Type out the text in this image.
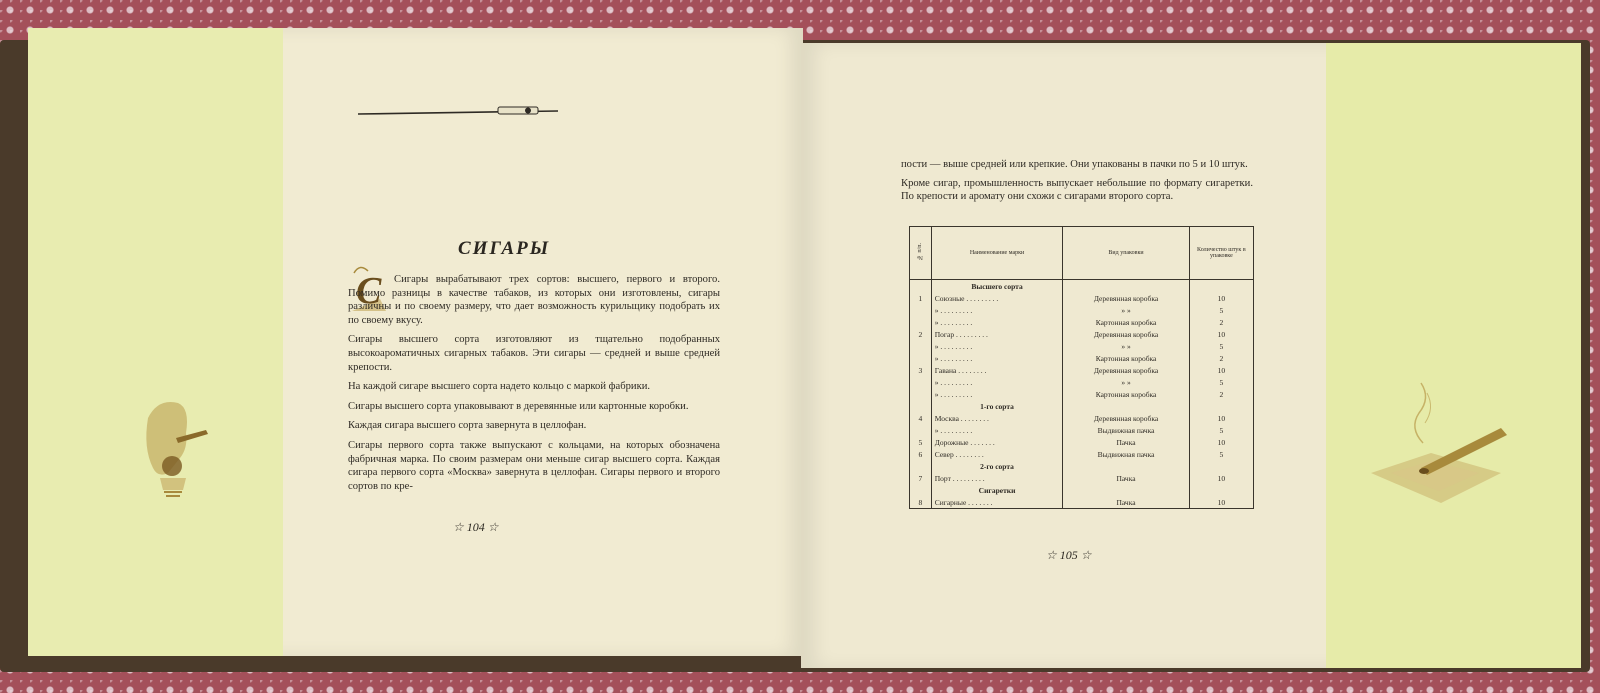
СИГАРЫ
С	Сигары вырабатывают трех сортов: высшего, первого и второго. Помимо разницы в качестве табаков, из которых они изготовлены, сигары различны и по своему размеру, что дает возможность курильщику подобрать их по своему вкусу.

Сигары высшего сорта изготовляют из тщательно подобранных высокоароматичных сигарных табаков. Эти сигары — средней и выше средней крепости.

На каждой сигаре высшего сорта надето кольцо с маркой фабрики.

Сигары высшего сорта упаковывают в деревянные или картонные коробки.

Каждая сигара высшего сорта завернута в целлофан.

Сигары первого сорта также выпускают с кольцами, на которых обозначена фабричная марка. По своим размерам они меньше сигар высшего сорта. Каждая сигара первого сорта «Москва» завернута в целлофан. Сигары первого и второго сортов по кре-

☆ 104 ☆

пости — выше средней или крепкие. Они упакованы в пачки по 5 и 10 штук.

Кроме сигар, промышленность выпускает небольшие по формату сигаретки. По крепости и аромату они схожи с сигарами второго сорта.

№ п/п.	Наименование марки	Вид упаковки	Количество штук в упаковке
	Высшего сорта		
1	Союзные . . . . . . . . .	Деревянная коробка	10
	» . . . . . . . . .	» »	5
	» . . . . . . . . .	Картонная коробка	2
2	Пoгap . . . . . . . . .	Деревянная коробка	10
	» . . . . . . . . .	» »	5
	» . . . . . . . . .	Картонная коробка	2
3	Гавана . . . . . . . .	Деревянная коробка	10
	» . . . . . . . . .	» »	5
	» . . . . . . . . .	Картонная коробка	2
	1-го сорта		
4	Москва . . . . . . . .	Деревянная коробка	10
	» . . . . . . . . .	Выдвижная пачка	5
5	Дорожные . . . . . . .	Пачка	10
6	Север . . . . . . . .	Выдвижная пачка	5
	2-го сорта		
7	Порт . . . . . . . . .	Пачка	10
	Сигаретки		
8	Сигарные . . . . . . .	Пачка	10
☆ 105 ☆
